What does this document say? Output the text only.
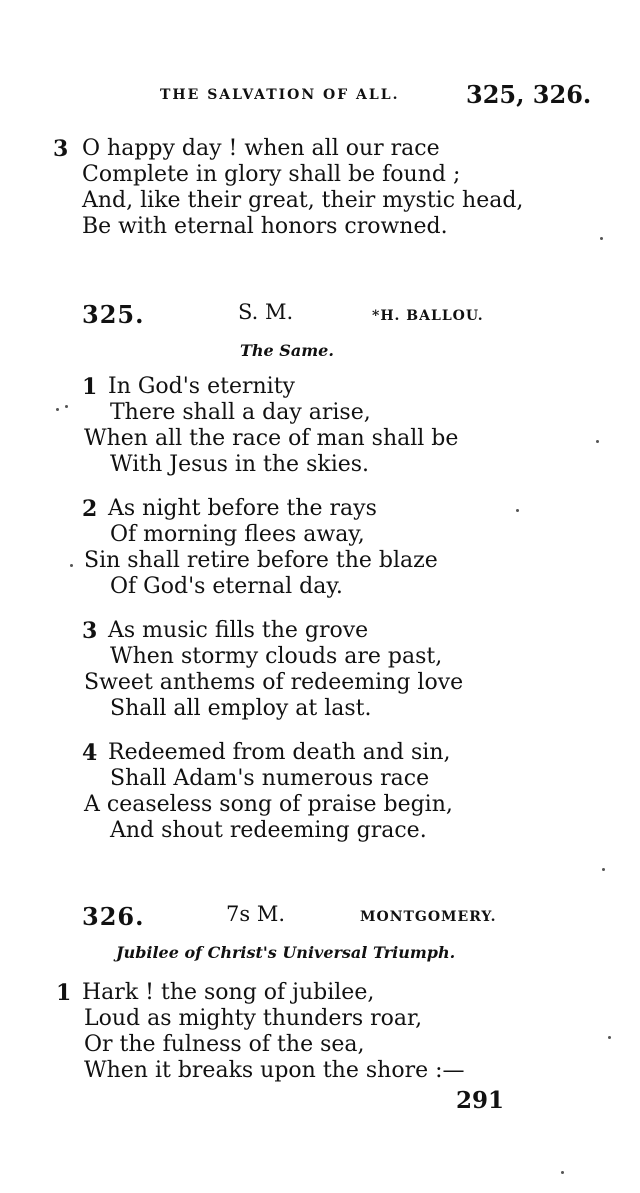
THE SALVATION OF ALL.	325, 326.
3 O happy day ! when all our race
Complete in glory shall be found ;
And, like their great, their mystic head,
Be with eternal honors crowned.
325.	S. M.	*H. BALLOU.
The Same.
1 In God's eternity
There shall a day arise,
When all the race of man shall be
With Jesus in the skies.
2 As night before the rays
Of morning flees away,
Sin shall retire before the blaze
Of God's eternal day.
3 As music fills the grove
When stormy clouds are past,
Sweet anthems of redeeming love
Shall all employ at last.
4 Redeemed from death and sin,
Shall Adam's numerous race
A ceaseless song of praise begin,
And shout redeeming grace.
326.	7s M.	MONTGOMERY.
Jubilee of Christ's Universal Triumph.
1 Hark ! the song of jubilee,
Loud as mighty thunders roar,
Or the fulness of the sea,
When it breaks upon the shore :—
291
